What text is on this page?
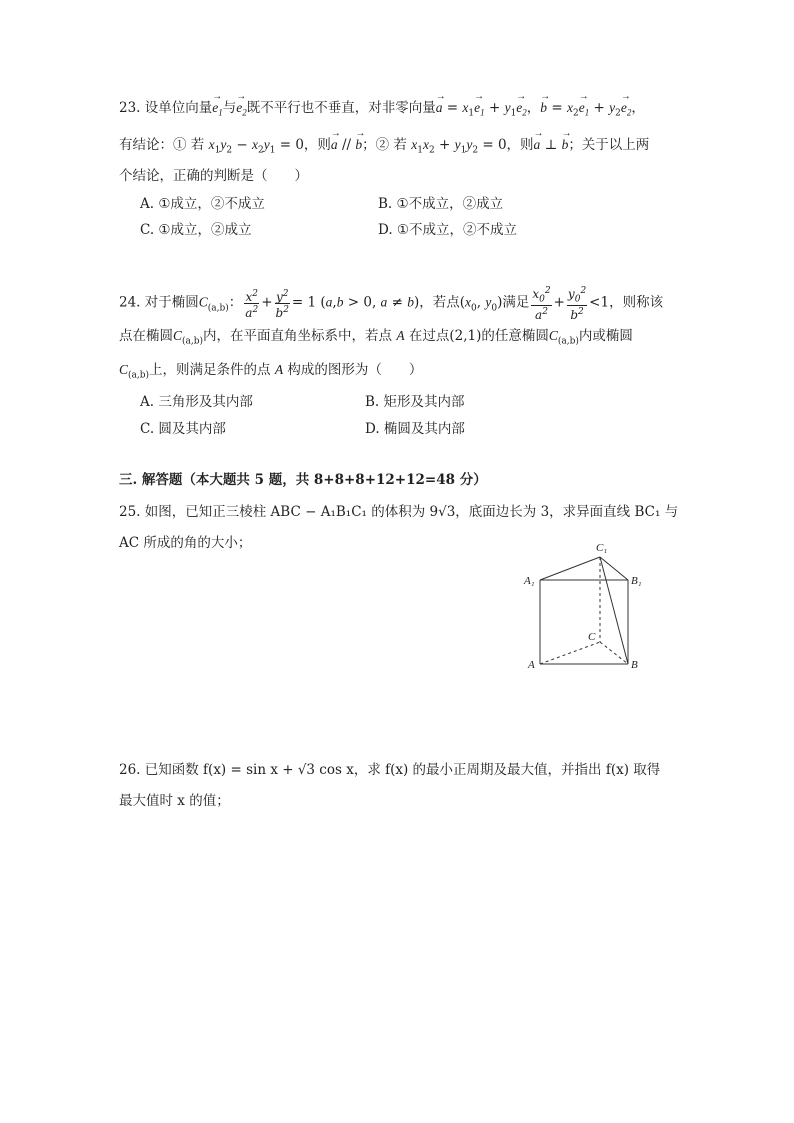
23. 设单位向量→ $e_1$与→ $e_2$既不平行也不垂直，对非零向量→ $a = x_1\to e_1 + y_1\to e_2$，→ $b = x_2\to e_1 + y_2\to e_2$，
有结论：① 若 $x_1y_2 - x_2y_1 = 0$，则→ a // → b；② 若 $x_1x_2 + y_1y_2 = 0$，则→ a ⊥ → b；关于以上两
个结论，正确的判断是（　　）
A. ①成立，②不成立	B. ①不成立，②成立
C. ①成立，②成立	D. ①不成立，②不成立
24. 对于椭圆$C_{(a,b)}$： $\frac{x^2}{a^2} + \frac{y^2}{b^2} = 1$ (a,b > 0, a ≠ b)，若点($x_0$, $y_0$)满足 $\frac{x_0^2}{a^2} + \frac{y_0^2}{b^2} <1$，则称该
点在椭圆$C_{(a,b)}$内，在平面直角坐标系中，若点 A 在过点(2,1)的任意椭圆$C_{(a,b)}$内或椭圆
$C_{(a,b)}$上，则满足条件的点 A 构成的图形为（　　）
A. 三角形及其内部	B. 矩形及其内部
C. 圆及其内部	D. 椭圆及其内部
三. 解答题（本大题共 5 题，共 8+8+8+12+12=48 分）
25. 如图，已知正三棱柱 ABC − A₁B₁C₁ 的体积为 9√3，底面边长为 3，求异面直线 BC₁ 与
AC 所成的角的大小；	C₁
A₁	B₁
C
A	B
26. 已知函数 f(x) = sin x + √3 cos x，求 f(x) 的最小正周期及最大值，并指出 f(x) 取得
最大值时 x 的值；
